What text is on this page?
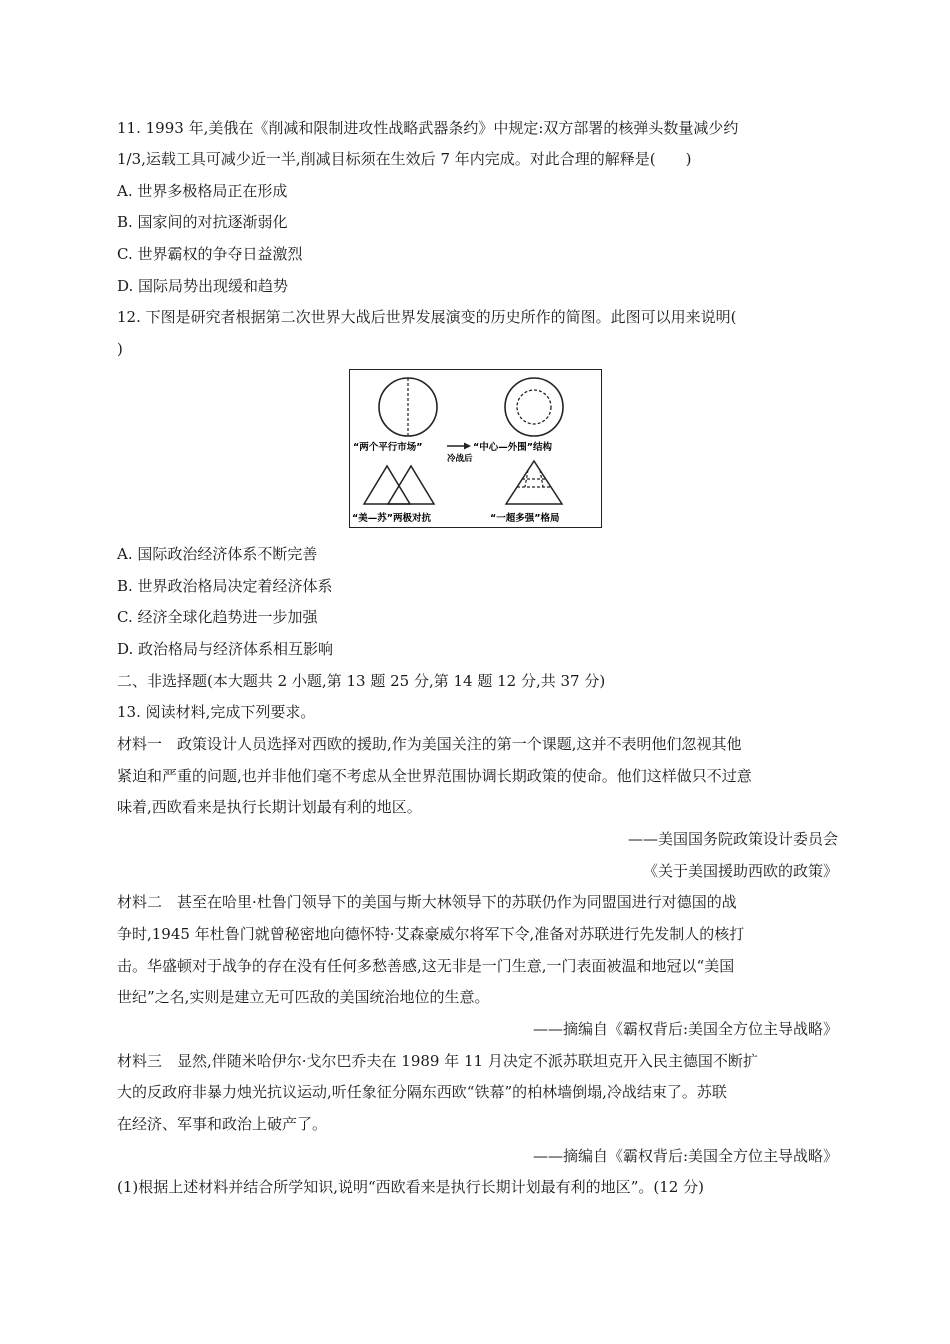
11. 1993 年,美俄在《削减和限制进攻性战略武器条约》中规定:双方部署的核弹头数量减少约
1/3,运载工具可减少近一半,削减目标须在生效后 7 年内完成。对此合理的解释是(　　)
A. 世界多极格局正在形成
B. 国家间的对抗逐渐弱化
C. 世界霸权的争夺日益激烈
D. 国际局势出现缓和趋势
12. 下图是研究者根据第二次世界大战后世界发展演变的历史所作的简图。此图可以用来说明(
)
“两个平行市场”	“中心—外围”结构
冷战后
“美—苏”两极对抗	“一超多强”格局
A. 国际政治经济体系不断完善
B. 世界政治格局决定着经济体系
C. 经济全球化趋势进一步加强
D. 政治格局与经济体系相互影响
二、非选择题(本大题共 2 小题,第 13 题 25 分,第 14 题 12 分,共 37 分)
13. 阅读材料,完成下列要求。
材料一　政策设计人员选择对西欧的援助,作为美国关注的第一个课题,这并不表明他们忽视其他
紧迫和严重的问题,也并非他们毫不考虑从全世界范围协调长期政策的使命。他们这样做只不过意
味着,西欧看来是执行长期计划最有利的地区。
——美国国务院政策设计委员会
《关于美国援助西欧的政策》
材料二　甚至在哈里·杜鲁门领导下的美国与斯大林领导下的苏联仍作为同盟国进行对德国的战
争时,1945 年杜鲁门就曾秘密地向德怀特·艾森豪威尔将军下令,准备对苏联进行先发制人的核打
击。华盛顿对于战争的存在没有任何多愁善感,这无非是一门生意,一门表面被温和地冠以“美国
世纪”之名,实则是建立无可匹敌的美国统治地位的生意。
——摘编自《霸权背后:美国全方位主导战略》
材料三　显然,伴随米哈伊尔·戈尔巴乔夫在 1989 年 11 月决定不派苏联坦克开入民主德国不断扩
大的反政府非暴力烛光抗议运动,听任象征分隔东西欧“铁幕”的柏林墙倒塌,冷战结束了。苏联
在经济、军事和政治上破产了。
——摘编自《霸权背后:美国全方位主导战略》
(1)根据上述材料并结合所学知识,说明“西欧看来是执行长期计划最有利的地区”。(12 分)
